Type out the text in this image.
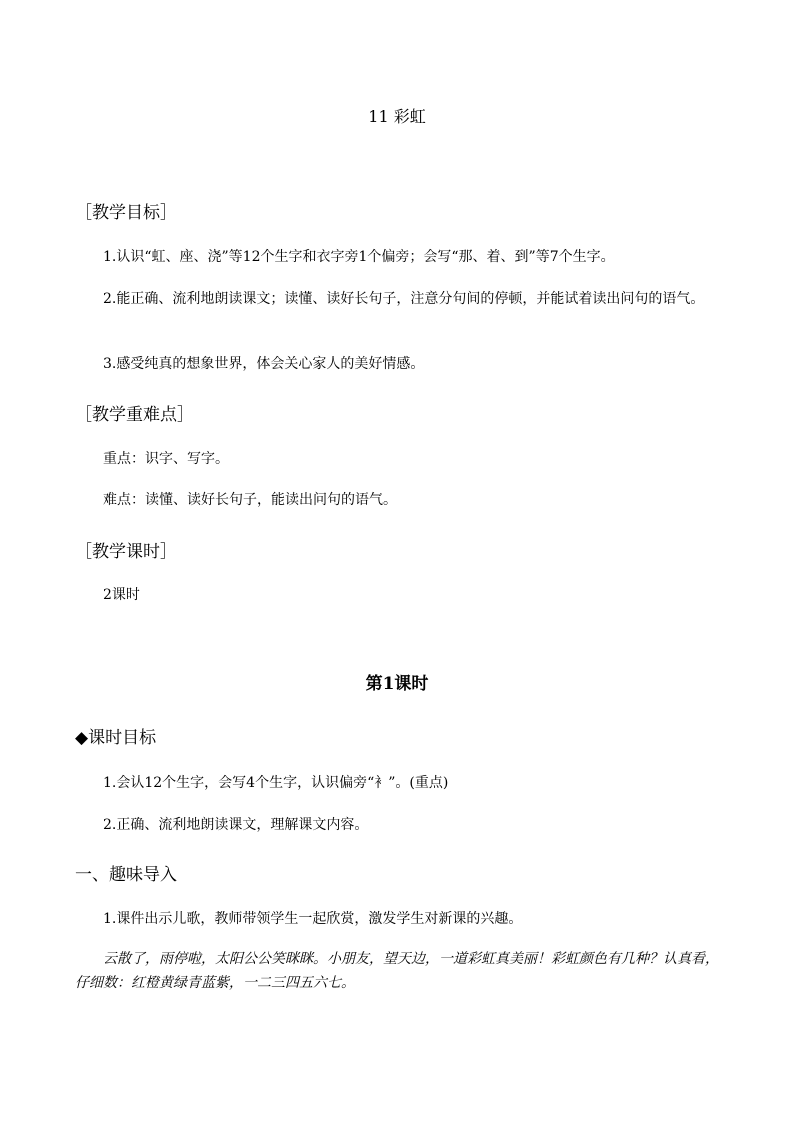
11 彩虹
［教学目标］

1.认识“虹、座、浇”等12个生字和衣字旁1个偏旁；会写“那、着、到”等7个生字。

2.能正确、流利地朗读课文；读懂、读好长句子，注意分句间的停顿，并能试着读出问句的语气。

3.感受纯真的想象世界，体会关心家人的美好情感。

［教学重难点］

重点：识字、写字。

难点：读懂、读好长句子，能读出问句的语气。

［教学课时］

2课时

第1课时
◆课时目标

1.会认12个生字，会写4个生字，认识偏旁“衤”。(重点)

2.正确、流利地朗读课文，理解课文内容。

一、趣味导入

1.课件出示儿歌，教师带领学生一起欣赏，激发学生对新课的兴趣。

云散了，雨停啦，太阳公公笑眯眯。小朋友，望天边，一道彩虹真美丽！彩虹颜色有几种？认真看，仔细数：红橙黄绿青蓝紫，一二三四五六七。
